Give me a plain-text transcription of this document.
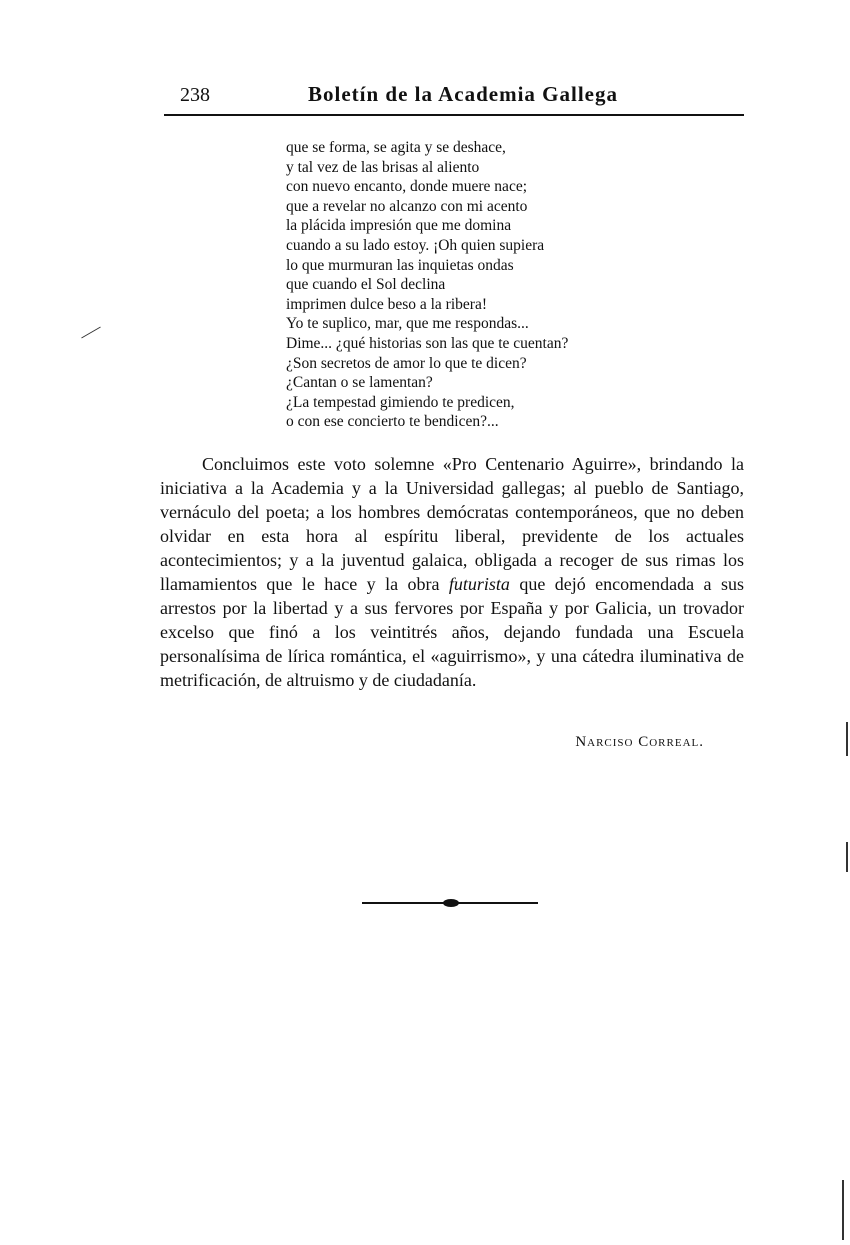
238	Boletín de la Academia Gallega
que se forma, se agita y se deshace,
y tal vez de las brisas al aliento
con nuevo encanto, donde muere nace;
que a revelar no alcanzo con mi acento
la plácida impresión que me domina
cuando a su lado estoy. ¡Oh quien supiera
lo que murmuran las inquietas ondas
que cuando el Sol declina
imprimen dulce beso a la ribera!
Yo te suplico, mar, que me respondas...
Dime... ¿qué historias son las que te cuentan?
¿Son secretos de amor lo que te dicen?
¿Cantan o se lamentan?
¿La tempestad gimiendo te predicen,
o con ese concierto te bendicen?...

Concluimos este voto solemne «Pro Centenario Aguirre», brindando la iniciativa a la Academia y a la Universidad gallegas; al pueblo de Santiago, vernáculo del poeta; a los hombres demócratas contemporáneos, que no deben olvidar en esta hora al espíritu liberal, previdente de los actuales acontecimientos; y a la juventud galaica, obligada a recoger de sus rimas los llamamientos que le hace y la obra futurista que dejó encomendada a sus arrestos por la libertad y a sus fervores por España y por Galicia, un trovador excelso que finó a los veintitrés años, dejando fundada una Escuela personalísima de lírica romántica, el «aguirrismo», y una cátedra iluminativa de metrificación, de altruismo y de ciudadanía.

Narciso Correal.
